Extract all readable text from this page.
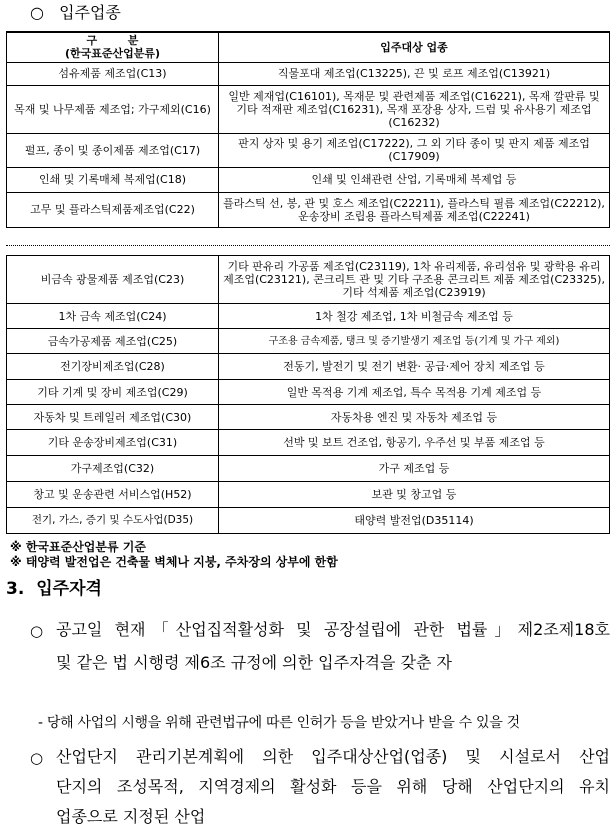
○ 입주업종
구        분
(한국표준산업분류)	입주대상 업종
섬유제품 제조업(C13)	직물포대 제조업(C13225), 끈 및 로프 제조업(C13921)
목재 및 나무제품 제조업; 가구제외(C16)	일반 제재업(C16101), 목재문 및 관련제품 제조업(C16221), 목재 깔판류 및 기타 적재판 제조업(C16231), 목재 포장용 상자, 드럼 및 유사용기 제조업(C16232)
펄프, 종이 및 종이제품 제조업(C17)	판지 상자 및 용기 제조업(C17222), 그 외 기타 종이 및 판지 제품 제조업(C17909)
인쇄 및 기록매체 복제업(C18)	인쇄 및 인쇄관련 산업, 기록매체 복제업 등
고무 및 플라스틱제품제조업(C22)	플라스틱 선, 봉, 관 및 호스 제조업(C22211), 플라스틱 필름 제조업(C22212), 운송장비 조립용 플라스틱제품 제조업(C22241)
비금속 광물제품 제조업(C23)	기타 판유리 가공품 제조업(C23119), 1차 유리제품, 유리섬유 및 광학용 유리 제조업(C23121), 콘크리트 관 및 기타 구조용 콘크리트 제품 제조업(C23325), 기타 석제품 제조업(C23919)
1차 금속 제조업(C24)	1차 철강 제조업, 1차 비철금속 제조업 등
금속가공제품 제조업(C25)	구조용 금속제품, 탱크 및 증기발생기 제조업 등(기계 및 가구 제외)
전기장비제조업(C28)	전동기, 발전기 및 전기 변환· 공급·제어 장치 제조업 등
기타 기계 및 장비 제조업(C29)	일반 목적용 기계 제조업, 특수 목적용 기계 제조업 등
자동차 및 트레일러 제조업(C30)	자동차용 엔진 및 자동차 제조업 등
기타 운송장비제조업(C31)	선박 및 보트 건조업, 항공기, 우주선 및 부품 제조업 등
가구제조업(C32)	가구 제조업 등
창고 및 운송관련 서비스업(H52)	보관 및 창고업 등
전기, 가스, 증기 및 수도사업(D35)	태양력 발전업(D35114)
※ 한국표준산업분류 기준
※ 태양력 발전업은 건축물 벽체나 지붕, 주차장의 상부에 한함
3. 입주자격
○ 공고일 현재「산업집적활성화 및 공장설립에 관한 법률」제2조제18호
및 같은 법 시행령 제6조 규정에 의한 입주자격을 갖춘 자
- 당해 사업의 시행을 위해 관련법규에 따른 인허가 등을 받았거나 받을 수 있을 것
○ 산업단지 관리기본계획에 의한 입주대상산업(업종) 및 시설로서 산업
단지의 조성목적, 지역경제의 활성화 등을 위해 당해 산업단지의 유치
업종으로 지정된 산업
